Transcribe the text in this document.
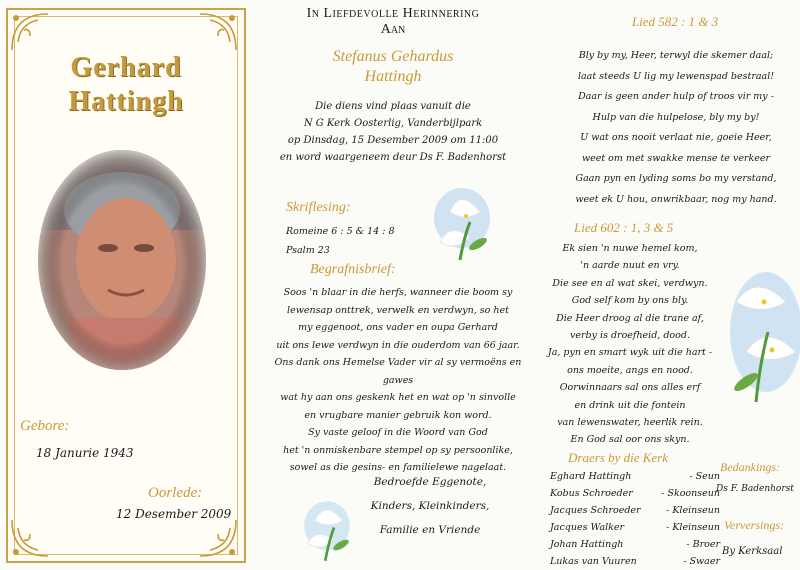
Gerhard
Hattingh
Gebore:
18 Janurie 1943
Oorlede:
12 Desember 2009
In Liefdevolle Herinnering
Aan
Stefanus Gehardus
Hattingh
Die diens vind plaas vanuit die
N G Kerk Oosterlig, Vanderbijlpark
op Dinsdag, 15 Desember 2009 om 11:00
en word waargeneem deur Ds F. Badenhorst
Skriflesing:
Romeine 6 : 5 & 14 : 8
Psalm 23
Begrafnisbrief:
Soos 'n blaar in die herfs, wanneer die boom sy
lewensap onttrek, verwelk en verdwyn, so het
my eggenoot, ons vader en oupa Gerhard
uit ons lewe verdwyn in die ouderdom van 66 jaar.
Ons dank ons Hemelse Vader vir al sy vermoëns en gawes
wat hy aan ons geskenk het en wat op 'n sinvolle
en vrugbare manier gebruik kon word.
Sy vaste geloof in die Woord van God
het 'n onmiskenbare stempel op sy persoonlike,
sowel as die gesins- en familielewe nagelaat.
Bedroefde Eggenote,
Kinders, Kleinkinders,
Familie en Vriende
Lied 582 : 1 & 3
Bly by my, Heer, terwyl die skemer daal;
laat steeds U lig my lewenspad bestraal!
Daar is geen ander hulp of troos vir my -
Hulp van die hulpelose, bly my by!
U wat ons nooit verlaat nie, goeie Heer,
weet om met swakke mense te verkeer
Gaan pyn en lyding soms bo my verstand,
weet ek U hou, onwrikbaar, nog my hand.
Lied 602 : 1, 3 & 5
Ek sien 'n nuwe hemel kom,
'n aarde nuut en vry.
Die see en al wat skei, verdwyn.
God self kom by ons bly.
Die Heer droog al die trane af,
verby is droefheid, dood.
Ja, pyn en smart wyk uit die hart -
ons moeite, angs en nood.
Oorwinnaars sal ons alles erf
en drink uit die fontein
van lewenswater, heerlik rein.
En God sal oor ons skyn.
Draers by die Kerk
Eghard Hattingh	- Seun
Kobus Schroeder	- Skoonseun
Jacques Schroeder	- Kleinseun
Jacques Walker	- Kleinseun
Johan Hattingh	- Broer
Lukas van Vuuren	- Swaer
Bedankings:
Ds F. Badenhorst
Verversings:
By Kerksaal
